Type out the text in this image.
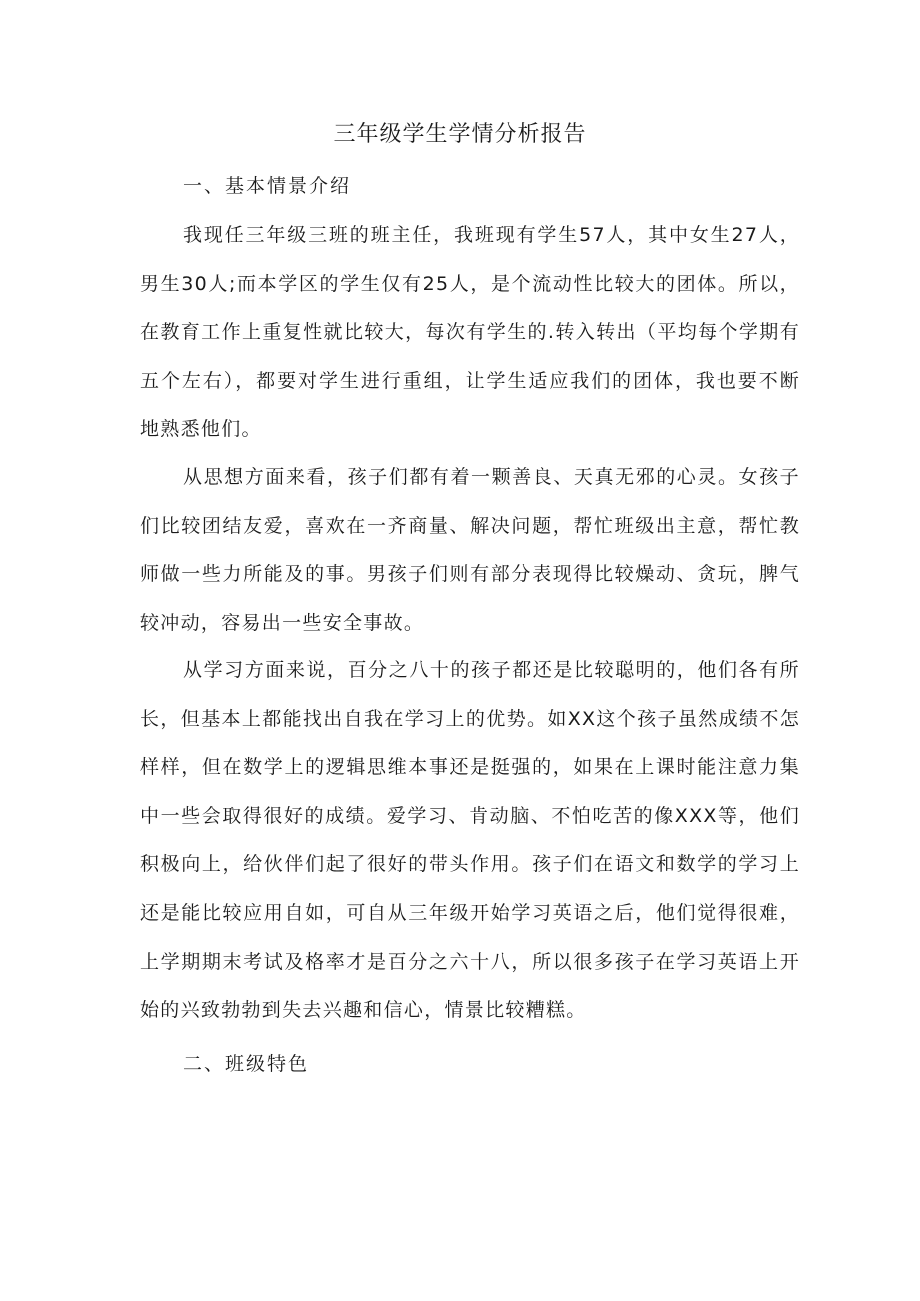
三年级学生学情分析报告
一、基本情景介绍

我现任三年级三班的班主任，我班现有学生57人，其中女生27人，男生30人;而本学区的学生仅有25人，是个流动性比较大的团体。所以，在教育工作上重复性就比较大，每次有学生的.转入转出（平均每个学期有五个左右），都要对学生进行重组，让学生适应我们的团体，我也要不断地熟悉他们。

从思想方面来看，孩子们都有着一颗善良、天真无邪的心灵。女孩子们比较团结友爱，喜欢在一齐商量、解决问题，帮忙班级出主意，帮忙教师做一些力所能及的事。男孩子们则有部分表现得比较燥动、贪玩，脾气较冲动，容易出一些安全事故。

从学习方面来说，百分之八十的孩子都还是比较聪明的，他们各有所长，但基本上都能找出自我在学习上的优势。如XX这个孩子虽然成绩不怎样样，但在数学上的逻辑思维本事还是挺强的，如果在上课时能注意力集中一些会取得很好的成绩。爱学习、肯动脑、不怕吃苦的像XXX等，他们积极向上，给伙伴们起了很好的带头作用。孩子们在语文和数学的学习上还是能比较应用自如，可自从三年级开始学习英语之后，他们觉得很难，上学期期末考试及格率才是百分之六十八，所以很多孩子在学习英语上开始的兴致勃勃到失去兴趣和信心，情景比较糟糕。

二、班级特色
